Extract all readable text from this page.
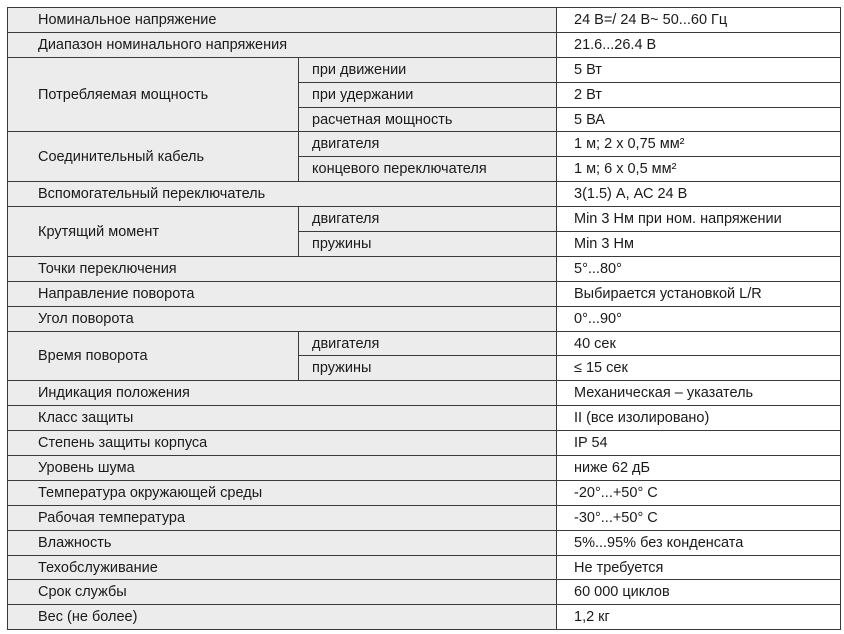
Номинальное напряжение		24 В=/ 24 В~ 50...60 Гц
Диапазон номинального напряжения		21.6...26.4 В
Потребляемая мощность	при движении	5 Вт
	при удержании	2 Вт
	расчетная мощность	5 ВА
Соединительный кабель	двигателя	1 м; 2 х 0,75 мм²
	концевого переключателя	1 м; 6 х 0,5 мм²
Вспомогательный переключатель		3(1.5) А, АС 24 В
Крутящий момент	двигателя	Min 3 Нм при ном. напряжении
	пружины	Min 3 Нм
Точки переключения		5°...80°
Направление поворота		Выбирается установкой L/R
Угол поворота		0°...90°
Время поворота	двигателя	40 сек
	пружины	≤ 15 сек
Индикация положения		Механическая – указатель
Класс защиты		II (все изолировано)
Степень защиты корпуса		IP 54
Уровень шума		ниже 62 дБ
Температура окружающей среды		-20°...+50° С
Рабочая температура		-30°...+50° С
Влажность		5%...95% без конденсата
Техобслуживание		Не требуется
Срок службы		60 000 циклов
Вес (не более)		1,2 кг
